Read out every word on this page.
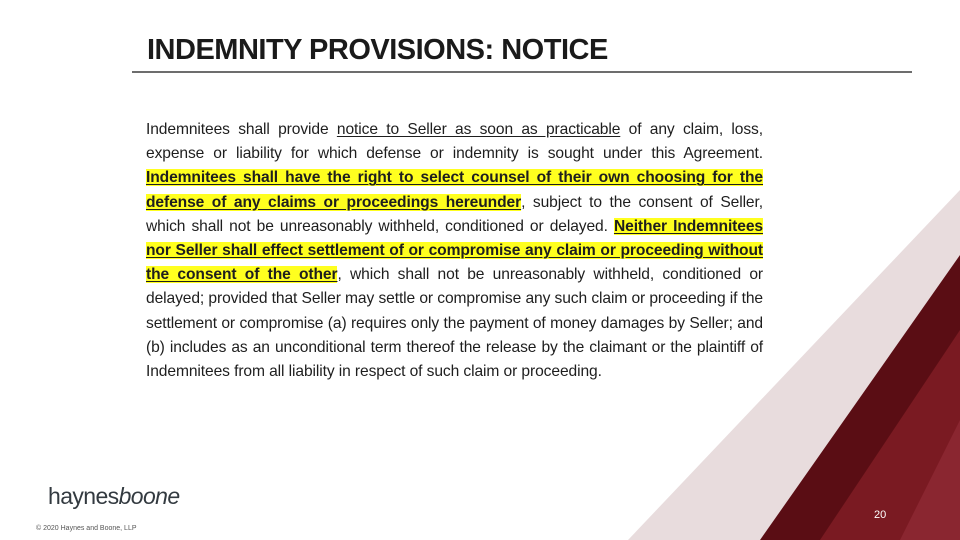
INDEMNITY PROVISIONS: NOTICE
Indemnitees shall provide notice to Seller as soon as practicable of any claim, loss, expense or liability for which defense or indemnity is sought under this Agreement. Indemnitees shall have the right to select counsel of their own choosing for the defense of any claims or proceedings hereunder, subject to the consent of Seller, which shall not be unreasonably withheld, conditioned or delayed. Neither Indemnitees nor Seller shall effect settlement of or compromise any claim or proceeding without the consent of the other, which shall not be unreasonably withheld, conditioned or delayed; provided that Seller may settle or compromise any such claim or proceeding if the settlement or compromise (a) requires only the payment of money damages by Seller; and (b) includes as an unconditional term thereof the release by the claimant or the plaintiff of Indemnitees from all liability in respect of such claim or proceeding.
haynesboone
© 2020 Haynes and Boone, LLP
20
